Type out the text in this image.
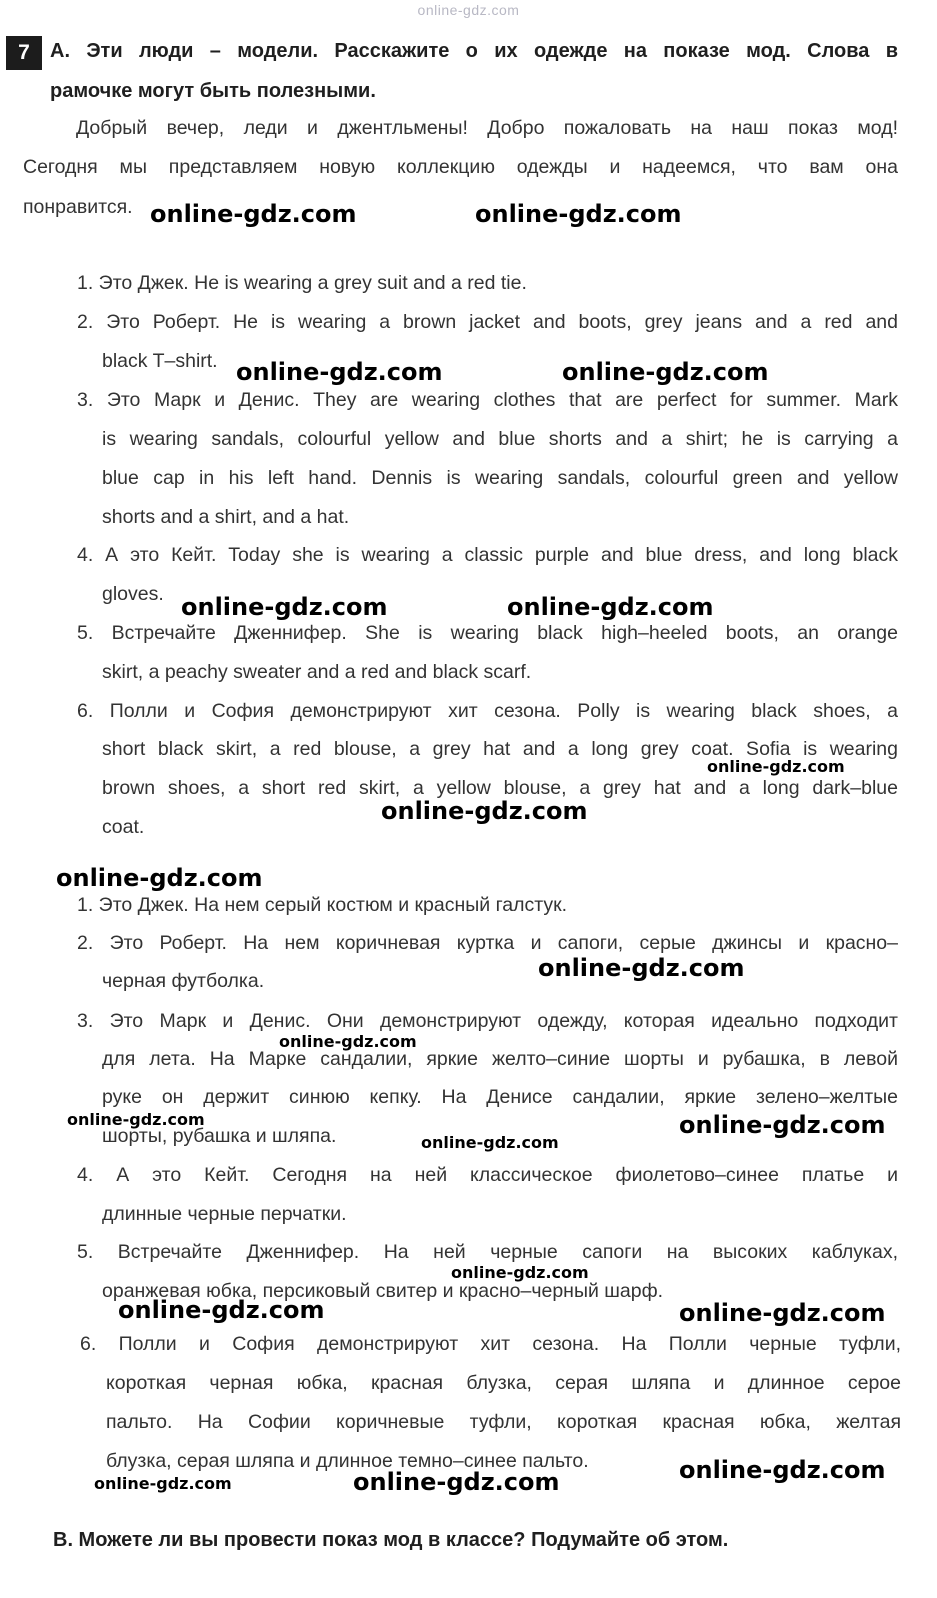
online-gdz.com
7	A. Эти люди – модели. Расскажите о их одежде на показе мод. Слова в
рамочке могут быть полезными.
Добрый вечер, леди и джентльмены! Добро пожаловать на наш показ мод!
Сегодня мы представляем новую коллекцию одежды и надеемся, что вам она
понравится.
1. Это Джек. He is wearing a grey suit and a red tie.
2. Это Роберт. He is wearing a brown jacket and boots, grey jeans and a red and
black T–shirt.
3. Это Марк и Денис. They are wearing clothes that are perfect for summer. Mark
is wearing sandals, colourful yellow and blue shorts and a shirt; he is carrying a
blue cap in his left hand. Dennis is wearing sandals, colourful green and yellow
shorts and a shirt, and a hat.
4. А это Кейт. Today she is wearing a classic purple and blue dress, and long black
gloves.
5. Встречайте Дженнифер. She is wearing black high–heeled boots, an orange
skirt, a peachy sweater and a red and black scarf.
6. Полли и София демонстрируют хит сезона. Polly is wearing black shoes, a
short black skirt, a red blouse, a grey hat and a long grey coat. Sofia is wearing
brown shoes, a short red skirt, a yellow blouse, a grey hat and a long dark–blue
coat.
1. Это Джек. На нем серый костюм и красный галстук.
2. Это Роберт. На нем коричневая куртка и сапоги, серые джинсы и красно–
черная футболка.
3. Это Марк и Денис. Они демонстрируют одежду, которая идеально подходит
для лета. На Марке сандалии, яркие желто–синие шорты и рубашка, в левой
руке он держит синюю кепку. На Денисе сандалии, яркие зелено–желтые
шорты, рубашка и шляпа.
4. А это Кейт. Сегодня на ней классическое фиолетово–синее платье и
длинные черные перчатки.
5. Встречайте Дженнифер. На ней черные сапоги на высоких каблуках,
оранжевая юбка, персиковый свитер и красно–черный шарф.
6. Полли и София демонстрируют хит сезона. На Полли черные туфли,
короткая черная юбка, красная блузка, серая шляпа и длинное серое
пальто. На Софии коричневые туфли, короткая красная юбка, желтая
блузка, серая шляпа и длинное темно–синее пальто.
B. Можете ли вы провести показ мод в классе? Подумайте об этом.
online-gdz.com	online-gdz.com
online-gdz.com	online-gdz.com
online-gdz.com	online-gdz.com
online-gdz.com
online-gdz.com
online-gdz.com
online-gdz.com
online-gdz.com
online-gdz.com
online-gdz.com
online-gdz.com
online-gdz.com
online-gdz.com	online-gdz.com
online-gdz.com
online-gdz.com	online-gdz.com
